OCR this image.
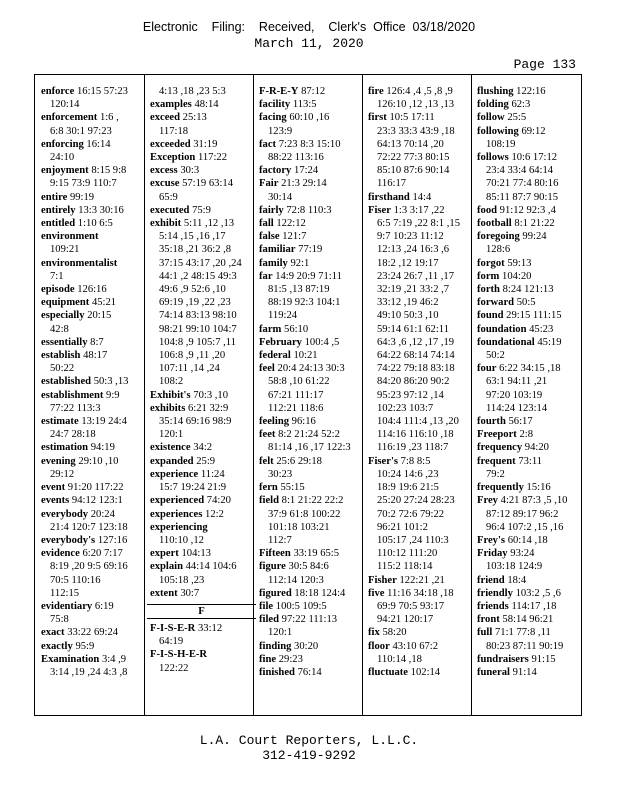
Electronic    Filing:    Received,    Clerk's  Office  03/18/2020
March 11, 2020
Page 133
enforce 16:15 57:23
120:14
enforcement 1:6 ,
6:8 30:1 97:23
enforcing 16:14
24:10
enjoyment 8:15 9:8
9:15 73:9 110:7
entire 99:19
entirely 13:3 30:16
entitled 1:10 6:5
environment
109:21
environmentalist
7:1
episode 126:16
equipment 45:21
especially 20:15
42:8
essentially 8:7
establish 48:17
50:22
established 50:3 ,13
establishment 9:9
77:22 113:3
estimate 13:19 24:4
24:7 28:18
estimation 94:19
evening 29:10 ,10
29:12
event 91:20 117:22
events 94:12 123:1
everybody 20:24
21:4 120:7 123:18
everybody's 127:16
evidence 6:20 7:17
8:19 ,20 9:5 69:16
70:5 110:16
112:15
evidentiary 6:19
75:8
exact 33:22 69:24
exactly 95:9
Examination 3:4 ,9
3:14 ,19 ,24 4:3 ,8
4:13 ,18 ,23 5:3
examples 48:14
exceed 25:13
117:18
exceeded 31:19
Exception 117:22
excess 30:3
excuse 57:19 63:14
65:9
executed 75:9
exhibit 5:11 ,12 ,13
5:14 ,15 ,16 ,17
35:18 ,21 36:2 ,8
37:15 43:17 ,20 ,24
44:1 ,2 48:15 49:3
49:6 ,9 52:6 ,10
69:19 ,19 ,22 ,23
74:14 83:13 98:10
98:21 99:10 104:7
104:8 ,9 105:7 ,11
106:8 ,9 ,11 ,20
107:11 ,14 ,24
108:2
Exhibit's 70:3 ,10
exhibits 6:21 32:9
35:14 69:16 98:9
120:1
existence 34:2
expanded 25:9
experience 11:24
15:7 19:24 21:9
experienced 74:20
experiences 12:2
experiencing
110:10 ,12
expert 104:13
explain 44:14 104:6
105:18 ,23
extent 30:7
F
F-I-S-E-R 33:12
64:19
F-I-S-H-E-R
122:22
F-R-E-Y 87:12
facility 113:5
facing 60:10 ,16
123:9
fact 7:23 8:3 15:10
88:22 113:16
factory 17:24
Fair 21:3 29:14
30:14
fairly 72:8 110:3
fall 122:12
false 121:7
familiar 77:19
family 92:1
far 14:9 20:9 71:11
81:5 ,13 87:19
88:19 92:3 104:1
119:24
farm 56:10
February 100:4 ,5
federal 10:21
feel 20:4 24:13 30:3
58:8 ,10 61:22
67:21 111:17
112:21 118:6
feeling 96:16
feet 8:2 21:24 52:2
81:14 ,16 ,17 122:3
felt 25:6 29:18
30:23
fern 55:15
field 8:1 21:22 22:2
37:9 61:8 100:22
101:18 103:21
112:7
Fifteen 33:19 65:5
figure 30:5 84:6
112:14 120:3
figured 18:18 124:4
file 100:5 109:5
filed 97:22 111:13
120:1
finding 30:20
fine 29:23
finished 76:14
fire 126:4 ,4 ,5 ,8 ,9
126:10 ,12 ,13 ,13
first 10:5 17:11
23:3 33:3 43:9 ,18
64:13 70:14 ,20
72:22 77:3 80:15
85:10 87:6 90:14
116:17
firsthand 14:4
Fiser 1:3 3:17 ,22
6:5 7:19 ,22 8:1 ,15
9:7 10:23 11:12
12:13 ,24 16:3 ,6
18:2 ,12 19:17
23:24 26:7 ,11 ,17
32:19 ,21 33:2 ,7
33:12 ,19 46:2
49:10 50:3 ,10
59:14 61:1 62:11
64:3 ,6 ,12 ,17 ,19
64:22 68:14 74:14
74:22 79:18 83:18
84:20 86:20 90:2
95:23 97:12 ,14
102:23 103:7
104:4 111:4 ,13 ,20
114:16 116:10 ,18
116:19 ,23 118:7
Fiser's 7:8 8:5
10:24 14:6 ,23
18:9 19:6 21:5
25:20 27:24 28:23
70:2 72:6 79:22
96:21 101:2
105:17 ,24 110:3
110:12 111:20
115:2 118:14
Fisher 122:21 ,21
five 11:16 34:18 ,18
69:9 70:5 93:17
94:21 120:17
fix 58:20
floor 43:10 67:2
110:14 ,18
fluctuate 102:14
flushing 122:16
folding 62:3
follow 25:5
following 69:12
108:19
follows 10:6 17:12
23:4 33:4 64:14
70:21 77:4 80:16
85:11 87:7 90:15
food 91:12 92:3 ,4
football 8:1 21:22
foregoing 99:24
128:6
forgot 59:13
form 104:20
forth 8:24 121:13
forward 50:5
found 29:15 111:15
foundation 45:23
foundational 45:19
50:2
four 6:22 34:15 ,18
63:1 94:11 ,21
97:20 103:19
114:24 123:14
fourth 56:17
Freeport 2:8
frequency 94:20
frequent 73:11
79:2
frequently 15:16
Frey 4:21 87:3 ,5 ,10
87:12 89:17 96:2
96:4 107:2 ,15 ,16
Frey's 60:14 ,18
Friday 93:24
103:18 124:9
friend 18:4
friendly 103:2 ,5 ,6
friends 114:17 ,18
front 58:14 96:21
full 71:1 77:8 ,11
80:23 87:11 90:19
fundraisers 91:15
funeral 91:14
L.A. Court Reporters, L.L.C.
312-419-9292
